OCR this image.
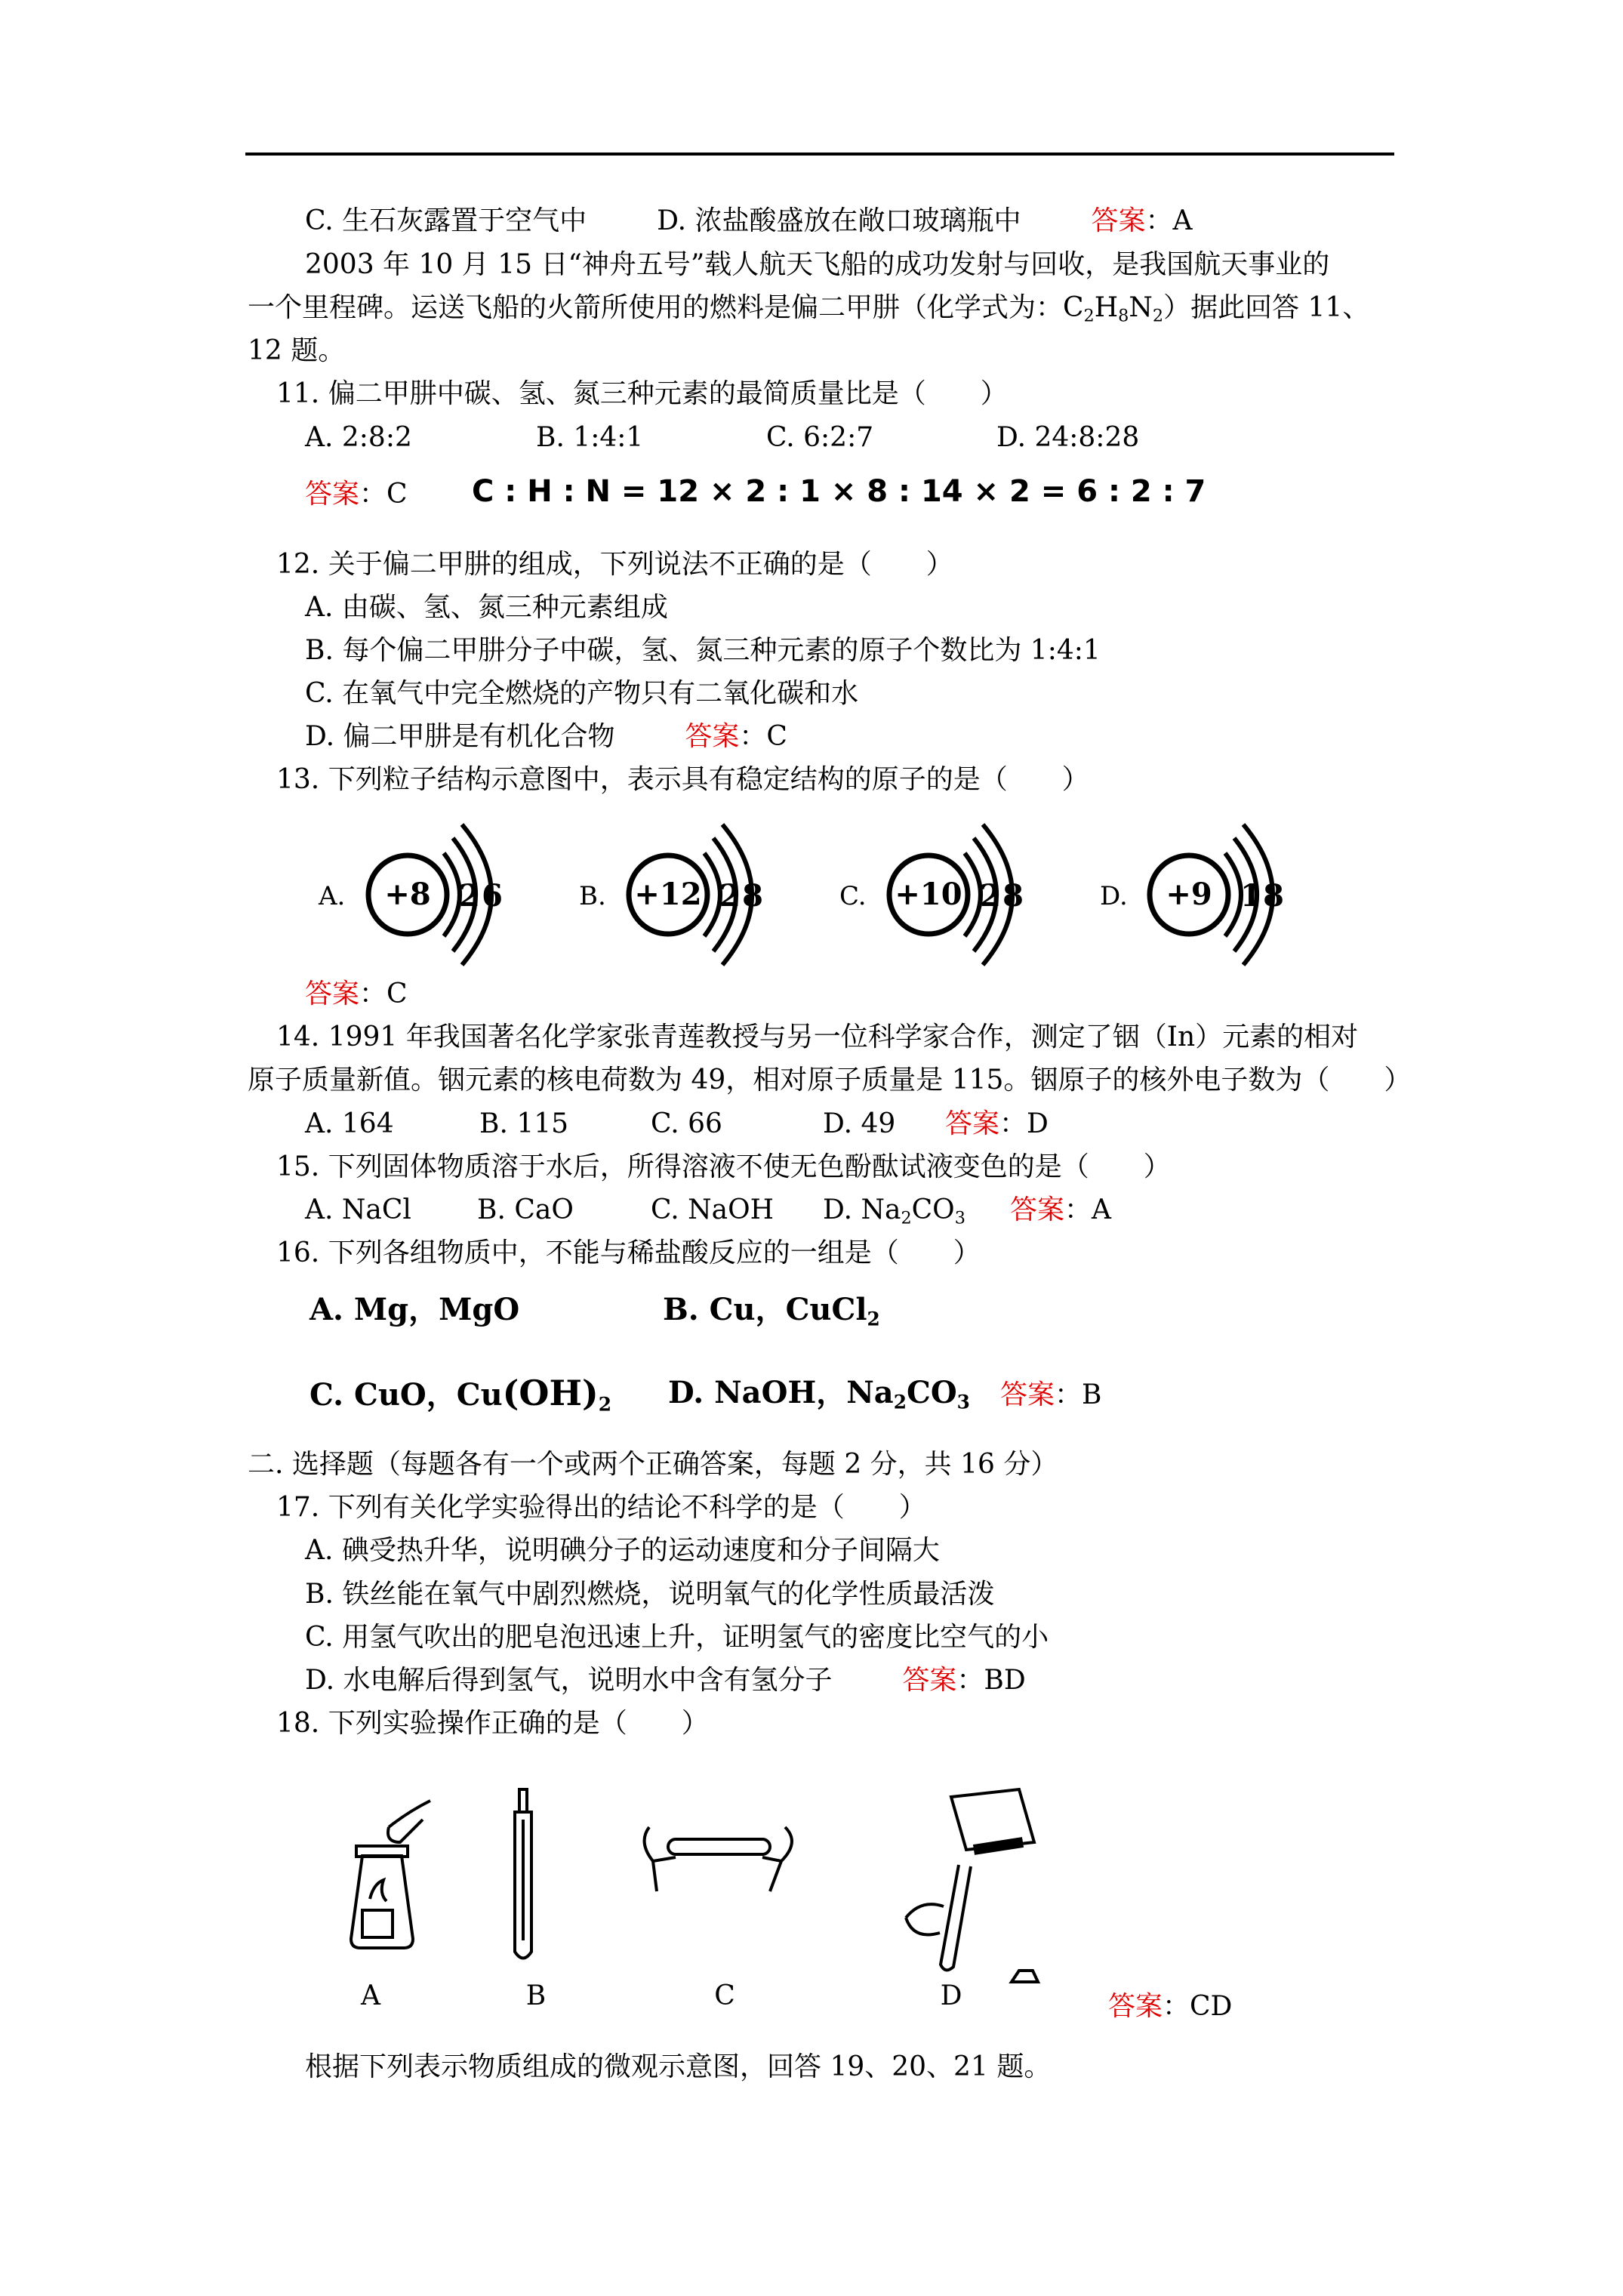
C. 生石灰露置于空气中	D. 浓盐酸盛放在敞口玻璃瓶中	答案：A
2003 年 10 月 15 日“神舟五号”载人航天飞船的成功发射与回收，是我国航天事业的
一个里程碑。运送飞船的火箭所使用的燃料是偏二甲肼（化学式为：$C_2H_8N_2$）据此回答 11、
12 题。
11. 偏二甲肼中碳、氢、氮三种元素的最简质量比是（　　）
A. 2:8:2	B. 1:4:1	C. 6:2:7	D. 24:8:28
答案：C C : H : N = 12 × 2 : 1 × 8 : 14 × 2 = 6 : 2 : 7
12. 关于偏二甲肼的组成，下列说法不正确的是（　　）
A. 由碳、氢、氮三种元素组成
B. 每个偏二甲肼分子中碳，氢、氮三种元素的原子个数比为 1:4:1
C. 在氧气中完全燃烧的产物只有二氧化碳和水
D. 偏二甲肼是有机化合物	答案：C
13. 下列粒子结构示意图中，表示具有稳定结构的原子的是（　　）
A. +8 2 6	B. +12 2 8	C. +10 2 8	D. +9 1 8
答案：C
14. 1991 年我国著名化学家张青莲教授与另一位科学家合作，测定了铟（In）元素的相对
原子质量新值。铟元素的核电荷数为 49，相对原子质量是 115。铟原子的核外电子数为（　　）
A. 164	B. 115	C. 66	D. 49 答案：D
15. 下列固体物质溶于水后，所得溶液不使无色酚酞试液变色的是（　　）
A. NaCl B. CaO	C. NaOH D. $Na_2CO_3$ 答案：A
16. 下列各组物质中，不能与稀盐酸反应的一组是（　　）
A. Mg，MgO	B. Cu，CuCl$_2$
C. CuO，$Cu(OH)_2$ D. NaOH，$Na_2CO_3$ 答案：B
二. 选择题（每题各有一个或两个正确答案，每题 2 分，共 16 分）
17. 下列有关化学实验得出的结论不科学的是（　　）
A. 碘受热升华，说明碘分子的运动速度和分子间隔大
B. 铁丝能在氧气中剧烈燃烧，说明氧气的化学性质最活泼
C. 用氢气吹出的肥皂泡迅速上升，证明氢气的密度比空气的小
D. 水电解后得到氢气，说明水中含有氢分子	答案：BD
18. 下列实验操作正确的是（　　）
A	B	C	D	答案：CD
根据下列表示物质组成的微观示意图，回答 19、20、21 题。
